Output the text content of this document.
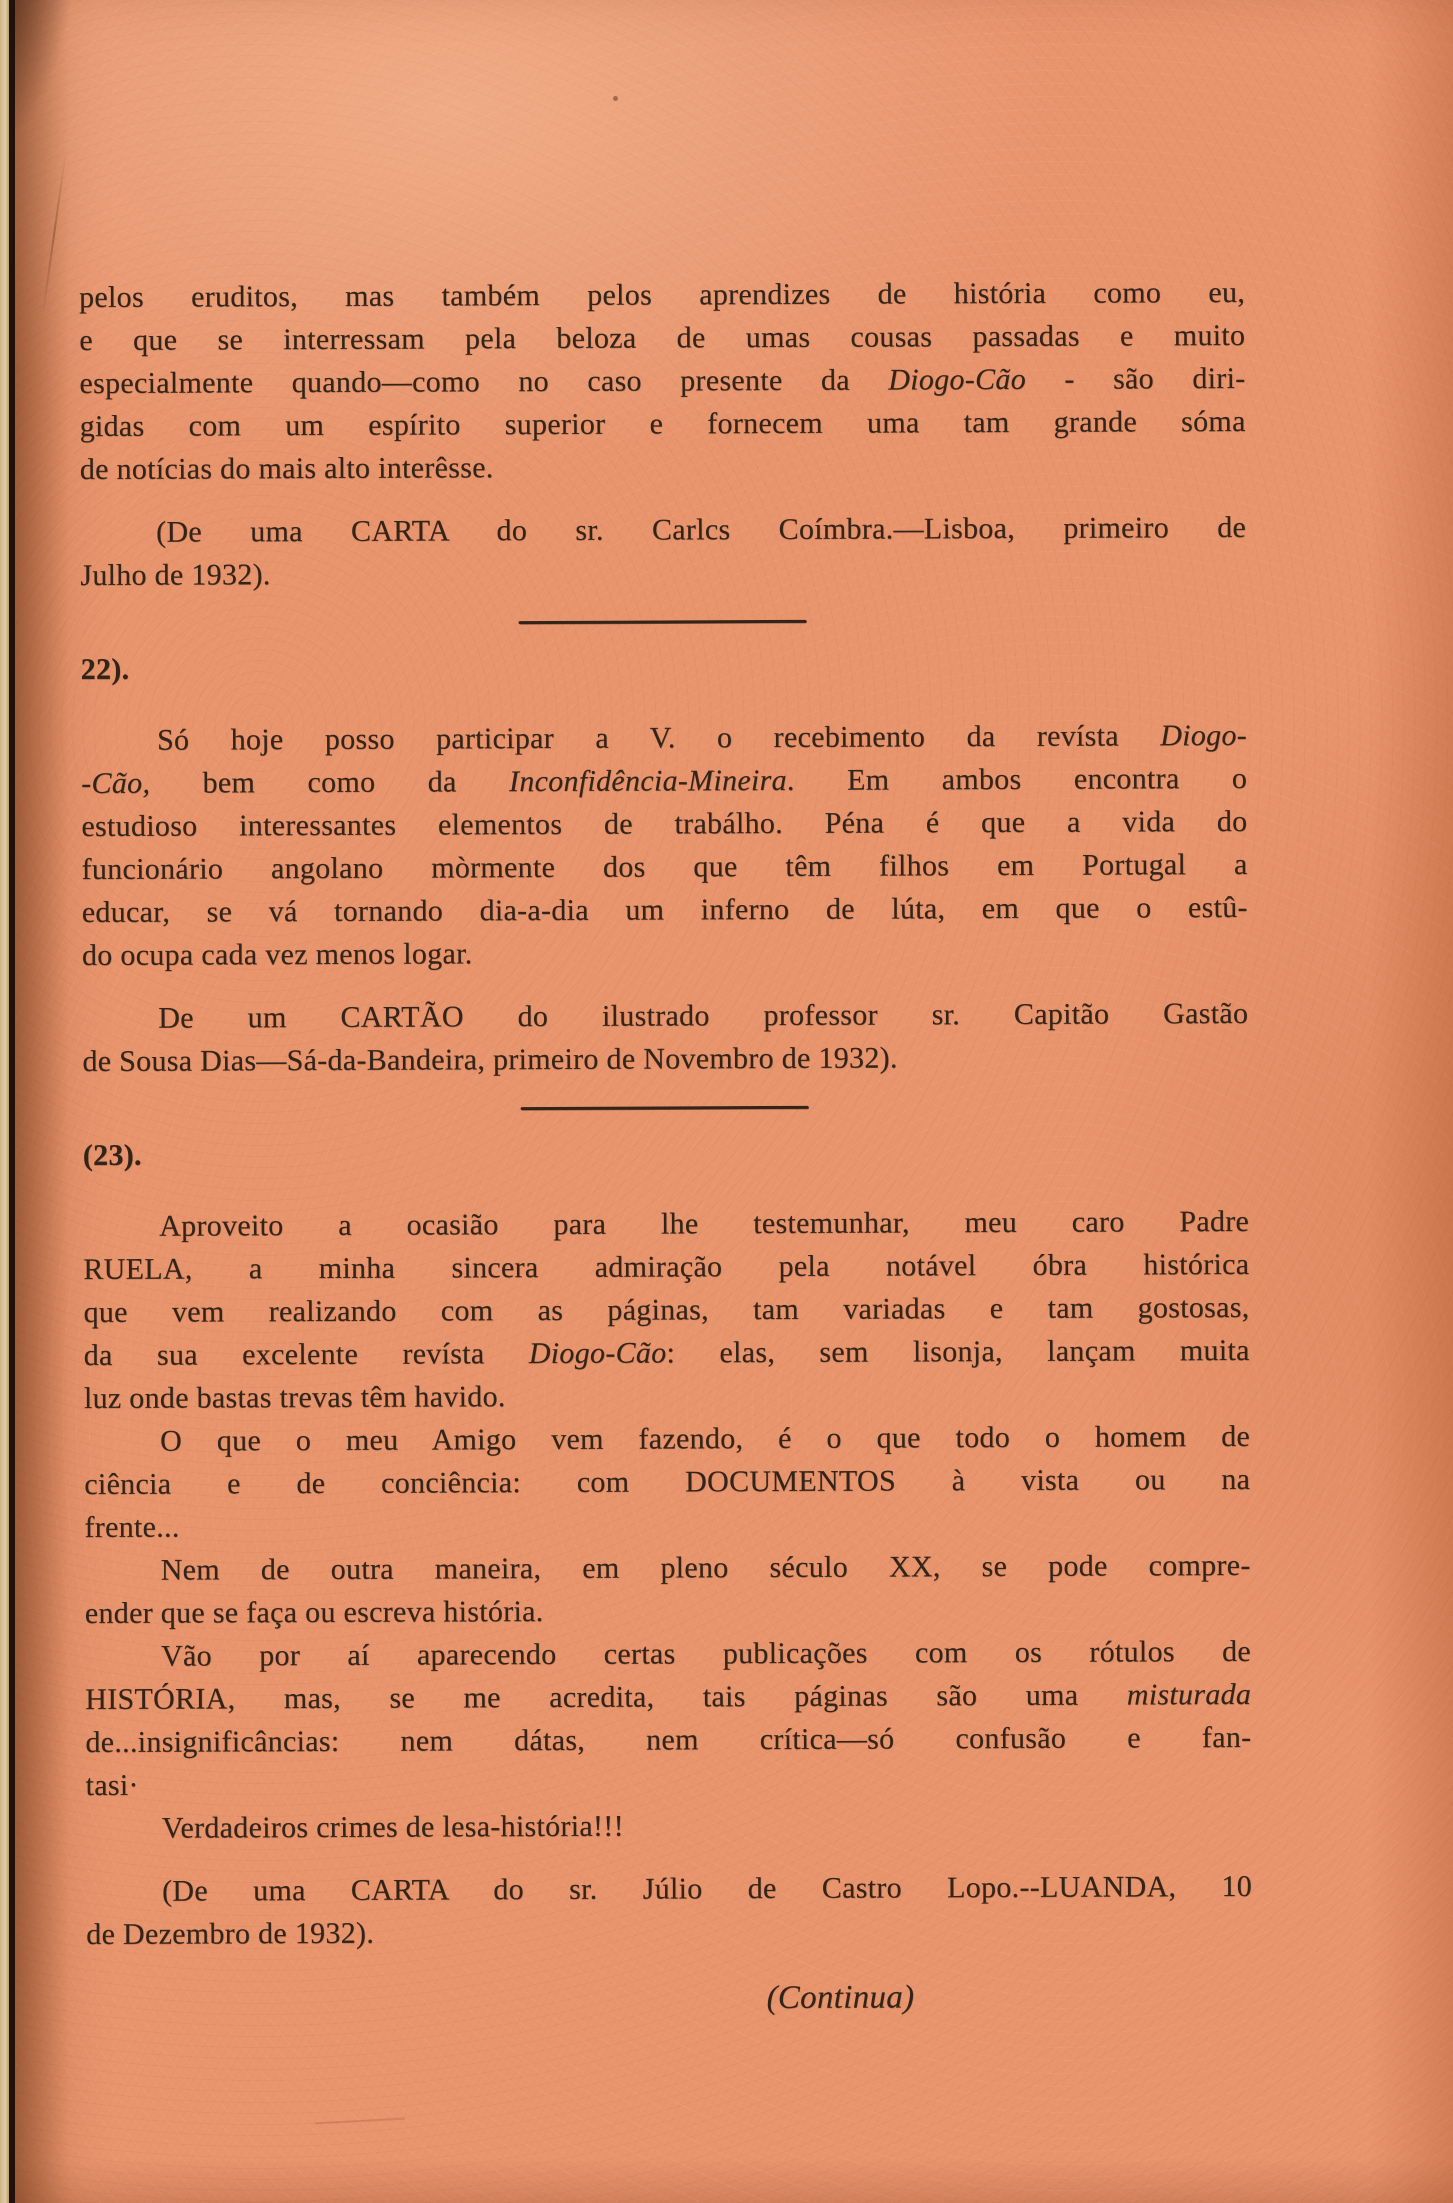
pelos eruditos, mas também pelos aprendizes de história como eu,
e que se interressam pela beloza de umas cousas passadas e muito
especialmente quando—como no caso presente da Diogo-Cão - são diri-
gidas com um espírito superior e fornecem uma tam grande sóma
de notícias do mais alto interêsse.
(De uma CARTA do sr. Carlcs Coímbra.—Lisboa, primeiro de
Julho de 1932).
22).
Só hoje posso participar a V. o recebimento da revísta Diogo-
-Cão, bem como da Inconfidência-Mineira. Em ambos encontra o
estudioso interessantes elementos de trabálho. Péna é que a vida do
funcionário angolano mòrmente dos que têm filhos em Portugal a
educar, se vá tornando dia-a-dia um inferno de lúta, em que o estû-
do ocupa cada vez menos logar.
De um CARTÃO do ilustrado professor sr. Capitão Gastão
de Sousa Dias—Sá-da-Bandeira, primeiro de Novembro de 1932).
(23).
Aproveito a ocasião para lhe testemunhar, meu caro Padre
RUELA, a minha sincera admiração pela notável óbra histórica
que vem realizando com as páginas, tam variadas e tam gostosas,
da sua excelente revísta Diogo-Cão: elas, sem lisonja, lançam muita
luz onde bastas trevas têm havido.
O que o meu Amigo vem fazendo, é o que todo o homem de
ciência e de conciência: com DOCUMENTOS à vista ou na
frente...
Nem de outra maneira, em pleno século XX, se pode compre-
ender que se faça ou escreva história.
Vão por aí aparecendo certas publicações com os rótulos de
HISTÓRIA, mas, se me acredita, tais páginas são uma misturada
de...insignificâncias: nem dátas, nem crítica—só confusão e fan-
tasi·
Verdadeiros crimes de lesa-história!!!
(De uma CARTA do sr. Júlio de Castro Lopo.--LUANDA, 10
de Dezembro de 1932).
(Continua)
